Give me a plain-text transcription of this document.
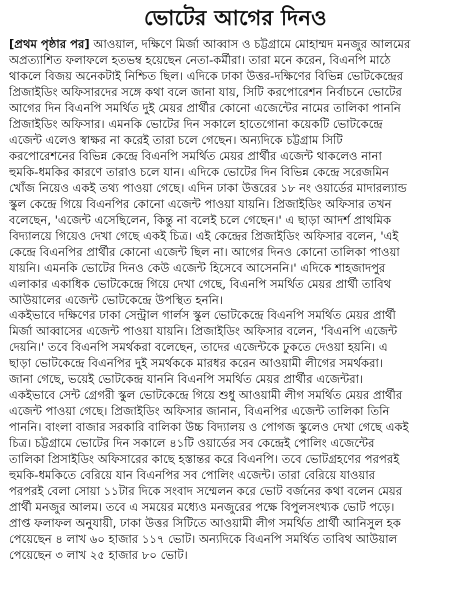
ভোটের আগের দিনও
[প্রথম পৃষ্ঠার পর] আওয়াল, দক্ষিণে মির্জা আব্বাস ও চট্টগ্রামে মোহাম্মদ মনজুর আলমের
অপ্রত্যাশিত ফলাফলে হতভম্ব হয়েছেন নেতা-কর্মীরা। তারা মনে করেন, বিএনপি মাঠে
থাকলে বিজয় অনেকটাই নিশ্চিত ছিল। এদিকে ঢাকা উত্তর-দক্ষিণের বিভিন্ন ভোটকেন্দ্রের
প্রিজাইডিং অফিসারদের সঙ্গে কথা বলে জানা যায়, সিটি করপোরেশন নির্বাচনে ভোটের
আগের দিন বিএনপি সমর্থিত দুই মেয়র প্রার্থীর কোনো এজেন্টের নামের তালিকা পাননি
প্রিজাইডিং অফিসার। এমনকি ভোটের দিন সকালে হাতেগোনা কয়েকটি ভোটকেন্দ্রে
এজেন্ট এলেও স্বাক্ষর না করেই তারা চলে গেছেন। অন্যদিকে চট্টগ্রাম সিটি
করপোরেশনের বিভিন্ন কেন্দ্রে বিএনপি সমর্থিত মেয়র প্রার্থীর এজেন্ট থাকলেও নানা
হুমকি-ধমকির কারণে তারাও চলে যান। এদিকে ভোটের দিন বিভিন্ন কেন্দ্রে সরেজমিন
খোঁজ নিয়েও একই তথ্য পাওয়া গেছে। এদিন ঢাকা উত্তরের ১৮ নং ওয়ার্ডের মাদারল্যান্ড
স্কুল কেন্দ্রে গিয়ে বিএনপির কোনো এজেন্ট পাওয়া যায়নি। প্রিজাইডিং অফিসার তখন
বলেছেন, 'এজেন্ট এসেছিলেন, কিন্তু না বলেই চলে গেছেন।' এ ছাড়া আদর্শ প্রাথমিক
বিদ্যালয়ে গিয়েও দেখা গেছে একই চিত্র। এই কেন্দ্রের প্রিজাইডিং অফিসার বলেন, 'এই
কেন্দ্রে বিএনপির প্রার্থীর কোনো এজেন্ট ছিল না। আগের দিনও কোনো তালিকা পাওয়া
যায়নি। এমনকি ভোটের দিনও কেউ এজেন্ট হিসেবে আসেননি।' এদিকে শাহজাদপুর
এলাকার একাধিক ভোটকেন্দ্রে গিয়ে দেখা গেছে, বিএনপি সমর্থিত মেয়র প্রার্থী তাবিথ
আউয়ালের এজেন্ট ভোটকেন্দ্রে উপস্থিত হননি।
একইভাবে দক্ষিণের ঢাকা সেন্ট্রাল গার্লস স্কুল ভোটকেন্দ্রে বিএনপি সমর্থিত মেয়র প্রার্থী
মির্জা আব্বাসের এজেন্ট পাওয়া যায়নি। প্রিজাইডিং অফিসার বলেন, 'বিএনপি এজেন্ট
দেয়নি।' তবে বিএনপি সমর্থকরা বলেছেন, তাদের এজেন্টকে ঢুকতে দেওয়া হয়নি। এ
ছাড়া ভোটকেন্দ্রে বিএনপির দুই সমর্থককে মারধর করেন আওয়ামী লীগের সমর্থকরা।
জানা গেছে, ভয়েই ভোটকেন্দ্র যাননি বিএনপি সমর্থিত মেয়র প্রার্থীর এজেন্টরা।
একইভাবে সেন্ট গ্রেগরী স্কুল ভোটকেন্দ্রে গিয়ে শুধু আওয়ামী লীগ সমর্থিত মেয়র প্রার্থীর
এজেন্ট পাওয়া গেছে। প্রিজাইডিং অফিসার জানান, বিএনপির এজেন্ট তালিকা তিনি
পাননি। বাংলা বাজার সরকারি বালিকা উচ্চ বিদ্যালয় ও পোগজ স্কুলেও দেখা গেছে একই
চিত্র। চট্টগ্রামে ভোটের দিন সকালে ৪১টি ওয়ার্ডের সব কেন্দ্রেই পোলিং এজেন্টের
তালিকা প্রিসাইডিং অফিসারের কাছে হস্তান্তর করে বিএনপি। তবে ভোটগ্রহণের পরপরই
হুমকি-ধমকিতে বেরিয়ে যান বিএনপির সব পোলিং এজেন্ট। তারা বেরিয়ে যাওয়ার
পরপরই বেলা সোয়া ১১টার দিকে সংবাদ সম্মেলন করে ভোট বর্জনের কথা বলেন মেয়র
প্রার্থী মনজুর আলম। তবে এ সময়ের মধ্যেও মনজুরের পক্ষে বিপুলসংখ্যক ভোট পড়ে।
প্রাপ্ত ফলাফল অনুযায়ী, ঢাকা উত্তর সিটিতে আওয়ামী লীগ সমর্থিত প্রার্থী আনিসুল হক
পেয়েছেন ৪ লাখ ৬০ হাজার ১১৭ ভোট। অন্যদিকে বিএনপি সমর্থিত তাবিথ আউয়াল
পেয়েছেন ৩ লাখ ২৫ হাজার ৮০ ভোট।
